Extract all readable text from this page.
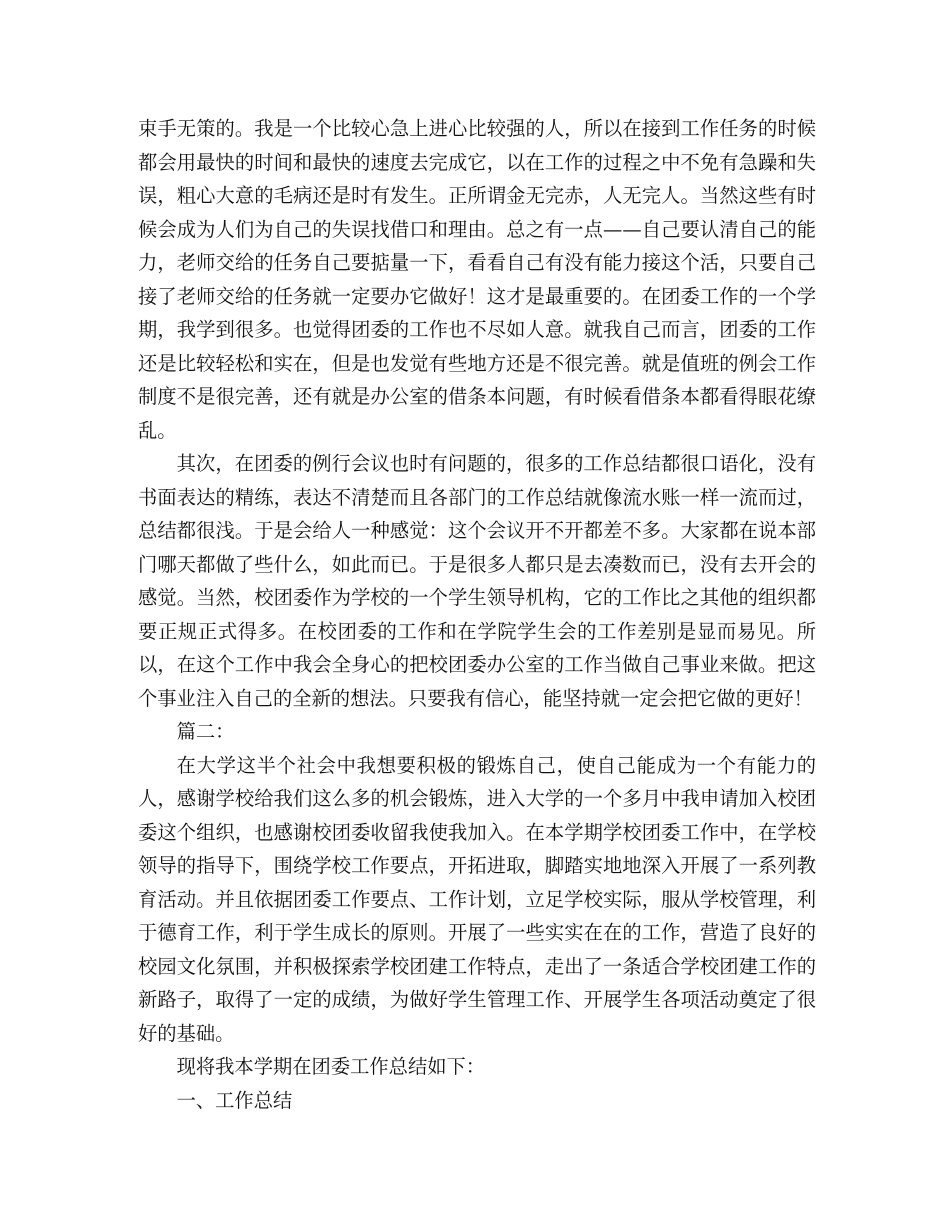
束手无策的。我是一个比较心急上进心比较强的人，所以在接到工作任务的时候都会用最快的时间和最快的速度去完成它，以在工作的过程之中不免有急躁和失误，粗心大意的毛病还是时有发生。正所谓金无完赤，人无完人。当然这些有时候会成为人们为自己的失误找借口和理由。总之有一点——自己要认清自己的能力，老师交给的任务自己要掂量一下，看看自己有没有能力接这个活，只要自己接了老师交给的任务就一定要办它做好！这才是最重要的。在团委工作的一个学期，我学到很多。也觉得团委的工作也不尽如人意。就我自己而言，团委的工作还是比较轻松和实在，但是也发觉有些地方还是不很完善。就是值班的例会工作制度不是很完善，还有就是办公室的借条本问题，有时候看借条本都看得眼花缭乱。

其次，在团委的例行会议也时有问题的，很多的工作总结都很口语化，没有书面表达的精练，表达不清楚而且各部门的工作总结就像流水账一样一流而过，总结都很浅。于是会给人一种感觉：这个会议开不开都差不多。大家都在说本部门哪天都做了些什么，如此而已。于是很多人都只是去凑数而已，没有去开会的感觉。当然，校团委作为学校的一个学生领导机构，它的工作比之其他的组织都要正规正式得多。在校团委的工作和在学院学生会的工作差别是显而易见。所以，在这个工作中我会全身心的把校团委办公室的工作当做自己事业来做。把这个事业注入自己的全新的想法。只要我有信心，能坚持就一定会把它做的更好！

篇二：

在大学这半个社会中我想要积极的锻炼自己，使自己能成为一个有能力的人，感谢学校给我们这么多的机会锻炼，进入大学的一个多月中我申请加入校团委这个组织，也感谢校团委收留我使我加入。在本学期学校团委工作中，在学校领导的指导下，围绕学校工作要点，开拓进取，脚踏实地地深入开展了一系列教育活动。并且依据团委工作要点、工作计划，立足学校实际，服从学校管理，利于德育工作，利于学生成长的原则。开展了一些实实在在的工作，营造了良好的校园文化氛围，并积极探索学校团建工作特点，走出了一条适合学校团建工作的新路子，取得了一定的成绩，为做好学生管理工作、开展学生各项活动奠定了很好的基础。

现将我本学期在团委工作总结如下：

一、工作总结
